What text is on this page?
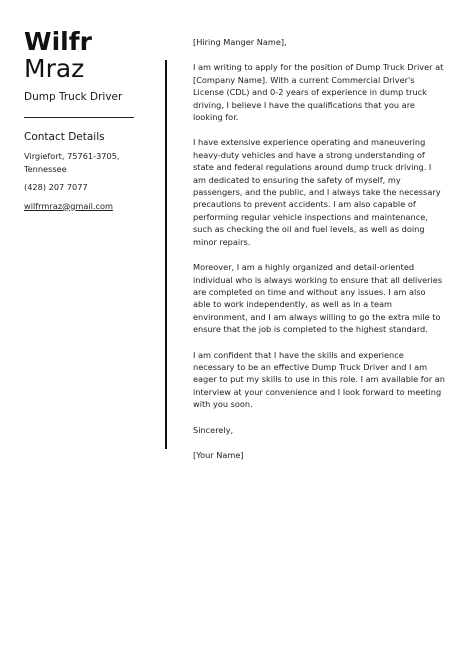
Wilfr
Mraz
Dump Truck Driver
Contact Details
Virgiefort, 75761-3705,
Tennessee
(428) 207 7077
wilfrmraz@gmail.com

[Hiring Manger Name],

I am writing to apply for the position of Dump Truck Driver at [Company Name]. With a current Commercial Driver's License (CDL) and 0-2 years of experience in dump truck driving, I believe I have the qualifications that you are looking for.

I have extensive experience operating and maneuvering heavy-duty vehicles and have a strong understanding of state and federal regulations around dump truck driving. I am dedicated to ensuring the safety of myself, my passengers, and the public, and I always take the necessary precautions to prevent accidents. I am also capable of performing regular vehicle inspections and maintenance, such as checking the oil and fuel levels, as well as doing minor repairs.

Moreover, I am a highly organized and detail-oriented individual who is always working to ensure that all deliveries are completed on time and without any issues. I am also able to work independently, as well as in a team environment, and I am always willing to go the extra mile to ensure that the job is completed to the highest standard.

I am confident that I have the skills and experience necessary to be an effective Dump Truck Driver and I am eager to put my skills to use in this role. I am available for an interview at your convenience and I look forward to meeting with you soon.

Sincerely,

[Your Name]
